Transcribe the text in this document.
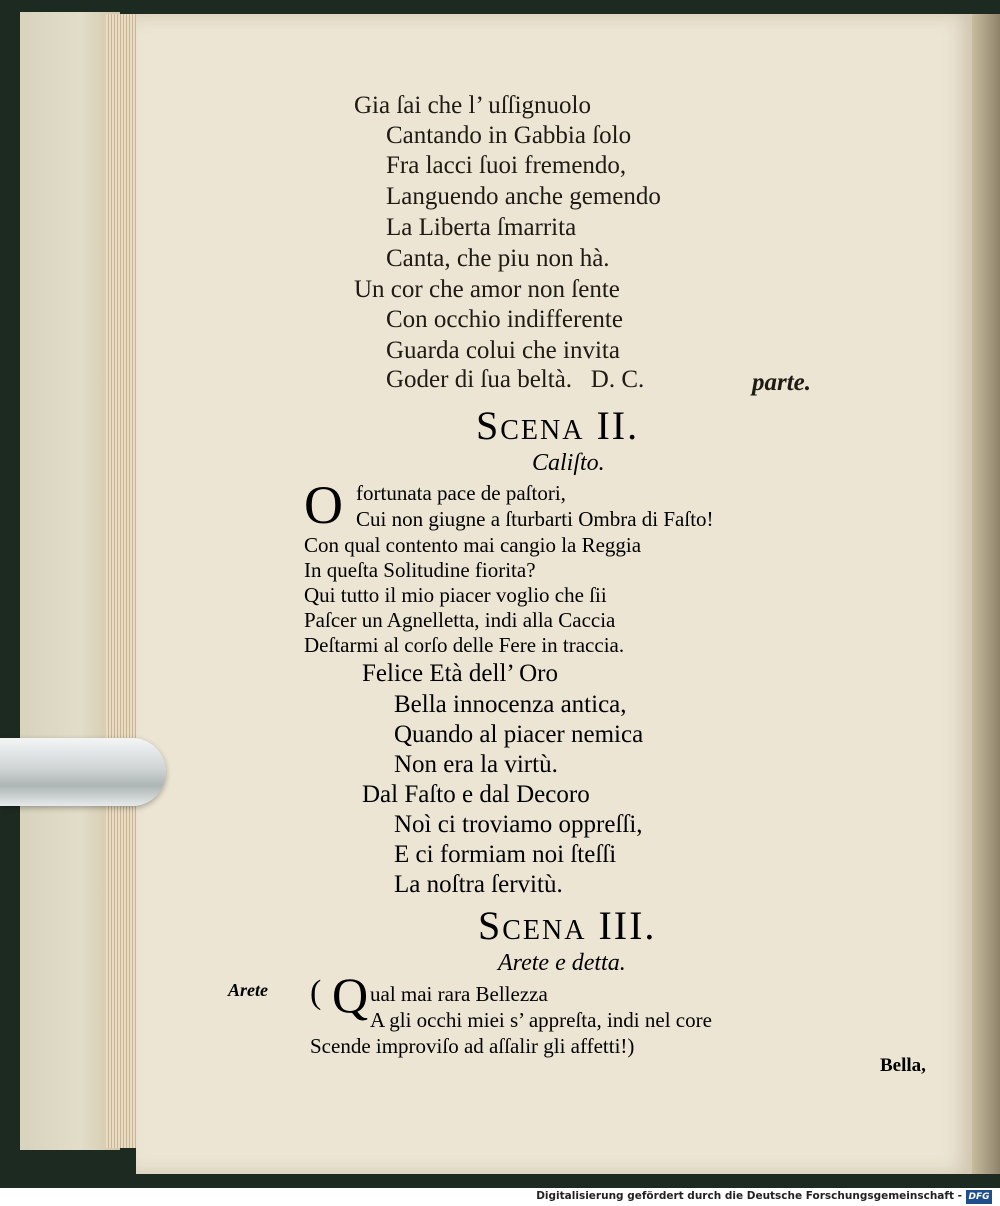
Gia ſai che l’ uſſignuolo
Cantando in Gabbia ſolo
Fra lacci ſuoi fremendo,
Languendo anche gemendo
La Liberta ſmarrita
Canta, che piu non hà.
Un cor che amor non ſente
Con occhio indifferente
Guarda colui che invita
Goder di ſua beltà.   D. C.	parte.
Scena II.
Caliſto.
O fortunata pace de paſtori,
Cui non giugne a ſturbarti Ombra di Faſto!
Con qual contento mai cangio la Reggia
In queſta Solitudine fiorita?
Qui tutto il mio piacer voglio che ſii
Paſcer un Agnelletta, indi alla Caccia
Deſtarmi al corſo delle Fere in traccia.
Felice Età dell’ Oro
Bella innocenza antica,
Quando al piacer nemica
Non era la virtù.
Dal Faſto e dal Decoro
Noì ci troviamo oppreſſi,
E ci formiam noi ſteſſi
La noſtra ſervitù.
Scena III.
Arete e detta.
Arete ( Q ual mai rara Bellezza
A gli occhi miei s’ appreſta, indi nel core
Scende improviſo ad aſſalir gli affetti!)
Bella,
Digitalisierung gefördert durch die Deutsche Forschungsgemeinschaft - DFG
